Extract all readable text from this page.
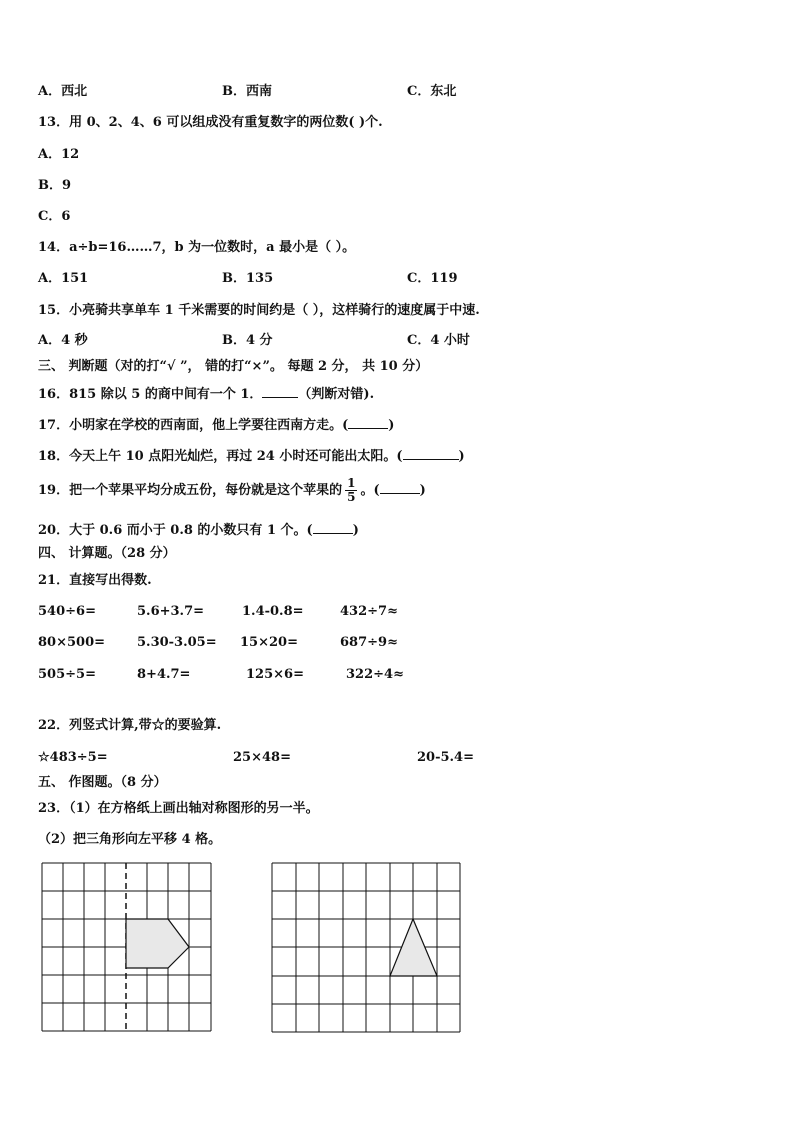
A．西北	B．西南	C．东北
13．用 0、2、4、6 可以组成没有重复数字的两位数( )个.
A．12
B．9
C．6
14．a÷b=16……7，b 为一位数时，a 最小是（ ）。
A．151	B．135	C．119
15．小亮骑共享单车 1 千米需要的时间约是（ ），这样骑行的速度属于中速.
A．4 秒	B．4 分	C．4 小时
三、 判断题（对的打“√ ”， 错的打“×”。 每题 2 分， 共 10 分）
16．815 除以 5 的商中间有一个 1．	（判断对错).
17．小明家在学校的西南面，他上学要往西南方走。(	)
18．今天上午 10 点阳光灿烂，再过 24 小时还可能出太阳。(	)
19．把一个苹果平均分成五份，每份就是这个苹果的 $\frac{1}{5}$ 。(	)
20．大于 0.6 而小于 0.8 的小数只有 1 个。(	)
四、 计算题。（28 分）
21．直接写出得数.
540÷6=	5.6+3.7=	1.4-0.8=	432÷7≈
80×500= 5.30-3.05= 15×20=	687÷9≈
505÷5=	8+4.7=	125×6=	322÷4≈
22．列竖式计算,带☆的要验算.
☆483÷5=	25×48=	20-5.4=
五、 作图题。（8 分）
23．（1）在方格纸上画出轴对称图形的另一半。
（2）把三角形向左平移 4 格。
